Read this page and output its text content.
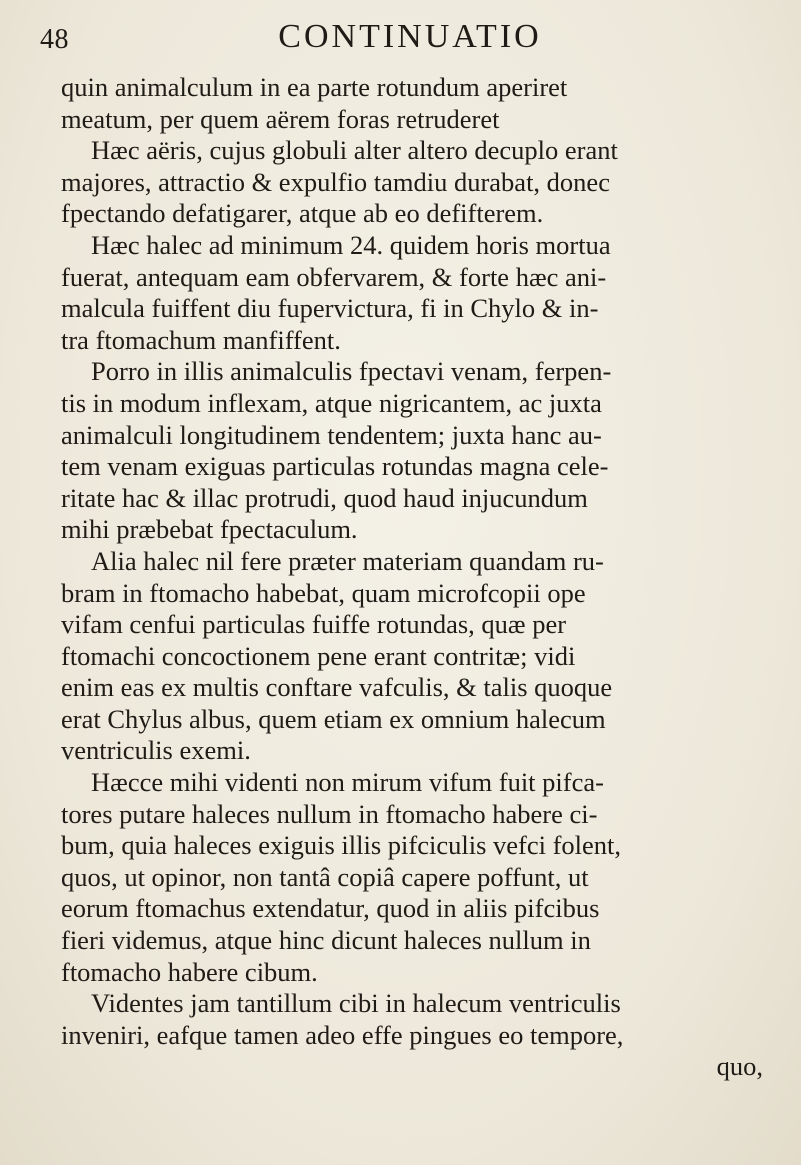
48	CONTINUATIO
quin animalculum in ea parte rotundum aperiret
meatum, per quem aërem foras retruderet
Hæc aëris, cujus globuli alter altero decuplo erant
majores, attractio & expulfio tamdiu durabat, donec
fpectando defatigarer, atque ab eo defifterem.
Hæc halec ad minimum 24. quidem horis mortua
fuerat, antequam eam obfervarem, & forte hæc ani-
malcula fuiffent diu fupervictura, fi in Chylo & in-
tra ftomachum manfiffent.
Porro in illis animalculis fpectavi venam, ferpen-
tis in modum inflexam, atque nigricantem, ac juxta
animalculi longitudinem tendentem; juxta hanc au-
tem venam exiguas particulas rotundas magna cele-
ritate hac & illac protrudi, quod haud injucundum
mihi præbebat fpectaculum.
Alia halec nil fere præter materiam quandam ru-
bram in ftomacho habebat, quam microfcopii ope
vifam cenfui particulas fuiffe rotundas, quæ per
ftomachi concoctionem pene erant contritæ; vidi
enim eas ex multis conftare vafculis, & talis quoque
erat Chylus albus, quem etiam ex omnium halecum
ventriculis exemi.
Hæcce mihi videnti non mirum vifum fuit pifca-
tores putare haleces nullum in ftomacho habere ci-
bum, quia haleces exiguis illis pifciculis vefci folent,
quos, ut opinor, non tantâ copiâ capere poffunt, ut
eorum ftomachus extendatur, quod in aliis pifcibus
fieri videmus, atque hinc dicunt haleces nullum in
ftomacho habere cibum.
Videntes jam tantillum cibi in halecum ventriculis
inveniri, eafque tamen adeo effe pingues eo tempore,
quo,
